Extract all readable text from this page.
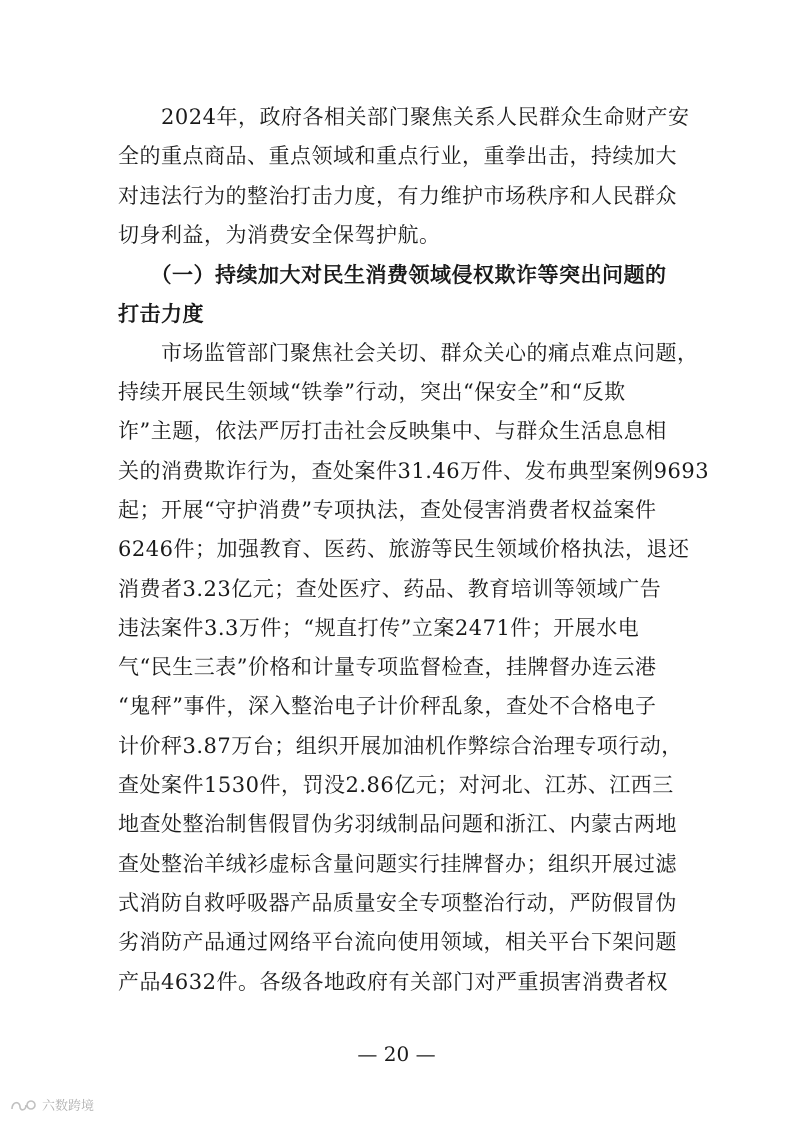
　　2024年，政府各相关部门聚焦关系人民群众生命财产安
全的重点商品、重点领域和重点行业，重拳出击，持续加大
对违法行为的整治打击力度，有力维护市场秩序和人民群众
切身利益，为消费安全保驾护航。
　　（一）持续加大对民生消费领域侵权欺诈等突出问题的
打击力度
　　市场监管部门聚焦社会关切、群众关心的痛点难点问题，
持续开展民生领域“铁拳”行动，突出“保安全”和“反欺
诈”主题，依法严厉打击社会反映集中、与群众生活息息相
关的消费欺诈行为，查处案件31.46万件、发布典型案例9693
起；开展“守护消费”专项执法，查处侵害消费者权益案件
6246件；加强教育、医药、旅游等民生领域价格执法，退还
消费者3.23亿元；查处医疗、药品、教育培训等领域广告
违法案件3.3万件；“规直打传”立案2471件；开展水电
气“民生三表”价格和计量专项监督检查，挂牌督办连云港
“鬼秤”事件，深入整治电子计价秤乱象，查处不合格电子
计价秤3.87万台；组织开展加油机作弊综合治理专项行动，
查处案件1530件，罚没2.86亿元；对河北、江苏、江西三
地查处整治制售假冒伪劣羽绒制品问题和浙江、内蒙古两地
查处整治羊绒衫虚标含量问题实行挂牌督办；组织开展过滤
式消防自救呼吸器产品质量安全专项整治行动，严防假冒伪
劣消防产品通过网络平台流向使用领域，相关平台下架问题
产品4632件。各级各地政府有关部门对严重损害消费者权
— 20 —
六数跨境
